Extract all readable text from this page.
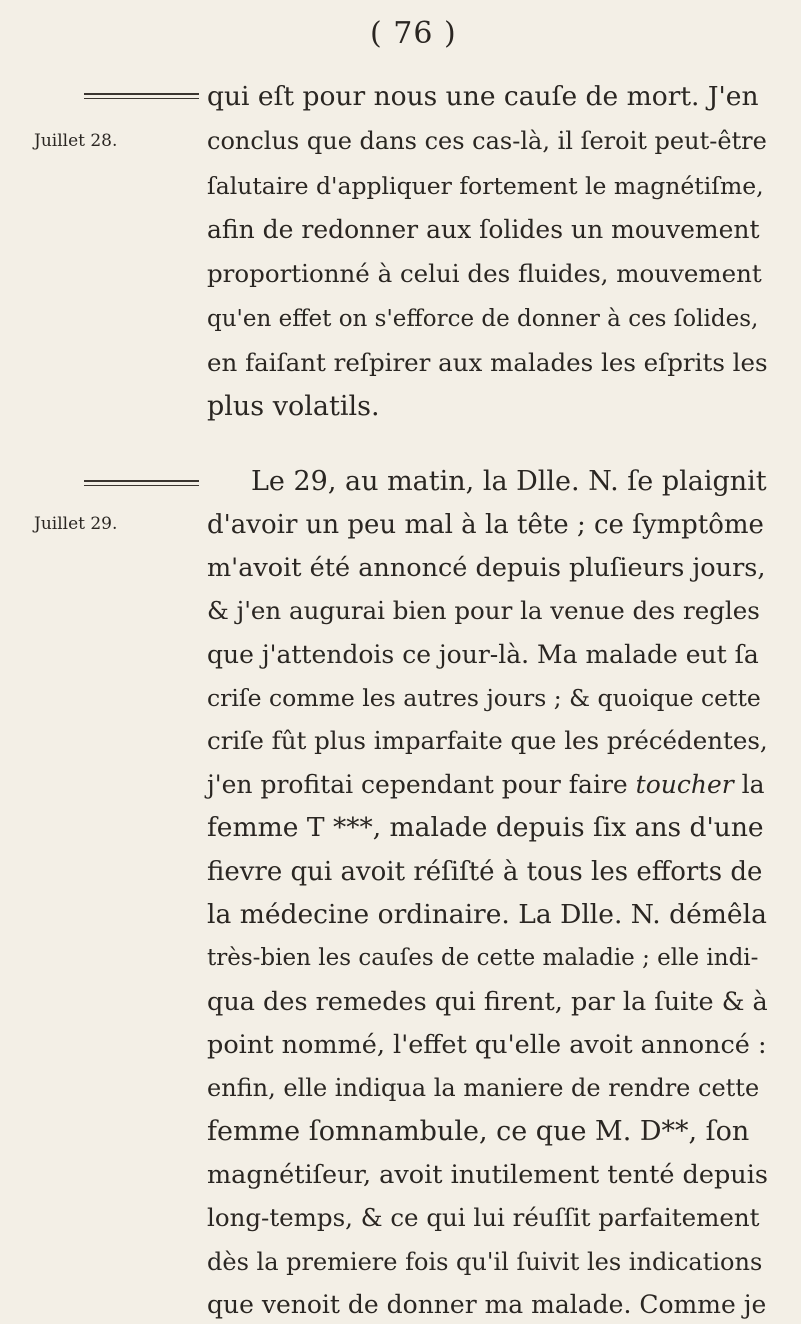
( 76 )
Juillet 28.
qui eſt pour nous une cauſe de mort. J'en
conclus que dans ces cas-là, il ſeroit peut-être
ſalutaire d'appliquer fortement le magnétiſme,
afin de redonner aux ſolides un mouvement
proportionné à celui des fluides, mouvement
qu'en effet on s'efforce de donner à ces ſolides,
en faiſant reſpirer aux malades les eſprits les
plus volatils.
Juillet 29.
Le 29, au matin, la Dlle. N. ſe plaignit
d'avoir un peu mal à la tête ; ce ſymptôme
m'avoit été annoncé depuis pluſieurs jours,
& j'en augurai bien pour la venue des regles
que j'attendois ce jour-là. Ma malade eut ſa
criſe comme les autres jours ; & quoique cette
criſe fût plus imparfaite que les précédentes,
j'en profitai cependant pour faire toucher la
femme T ***, malade depuis ſix ans d'une
fievre qui avoit réſiſté à tous les efforts de
la médecine ordinaire. La Dlle. N. démêla
très-bien les cauſes de cette maladie ; elle indi-
qua des remedes qui firent, par la ſuite & à
point nommé, l'effet qu'elle avoit annoncé :
enfin, elle indiqua la maniere de rendre cette
femme ſomnambule, ce que M. D**, ſon
magnétiſeur, avoit inutilement tenté depuis
long-temps, & ce qui lui réuſſit parfaitement
dès la premiere fois qu'il ſuivit les indications
que venoit de donner ma malade. Comme je
